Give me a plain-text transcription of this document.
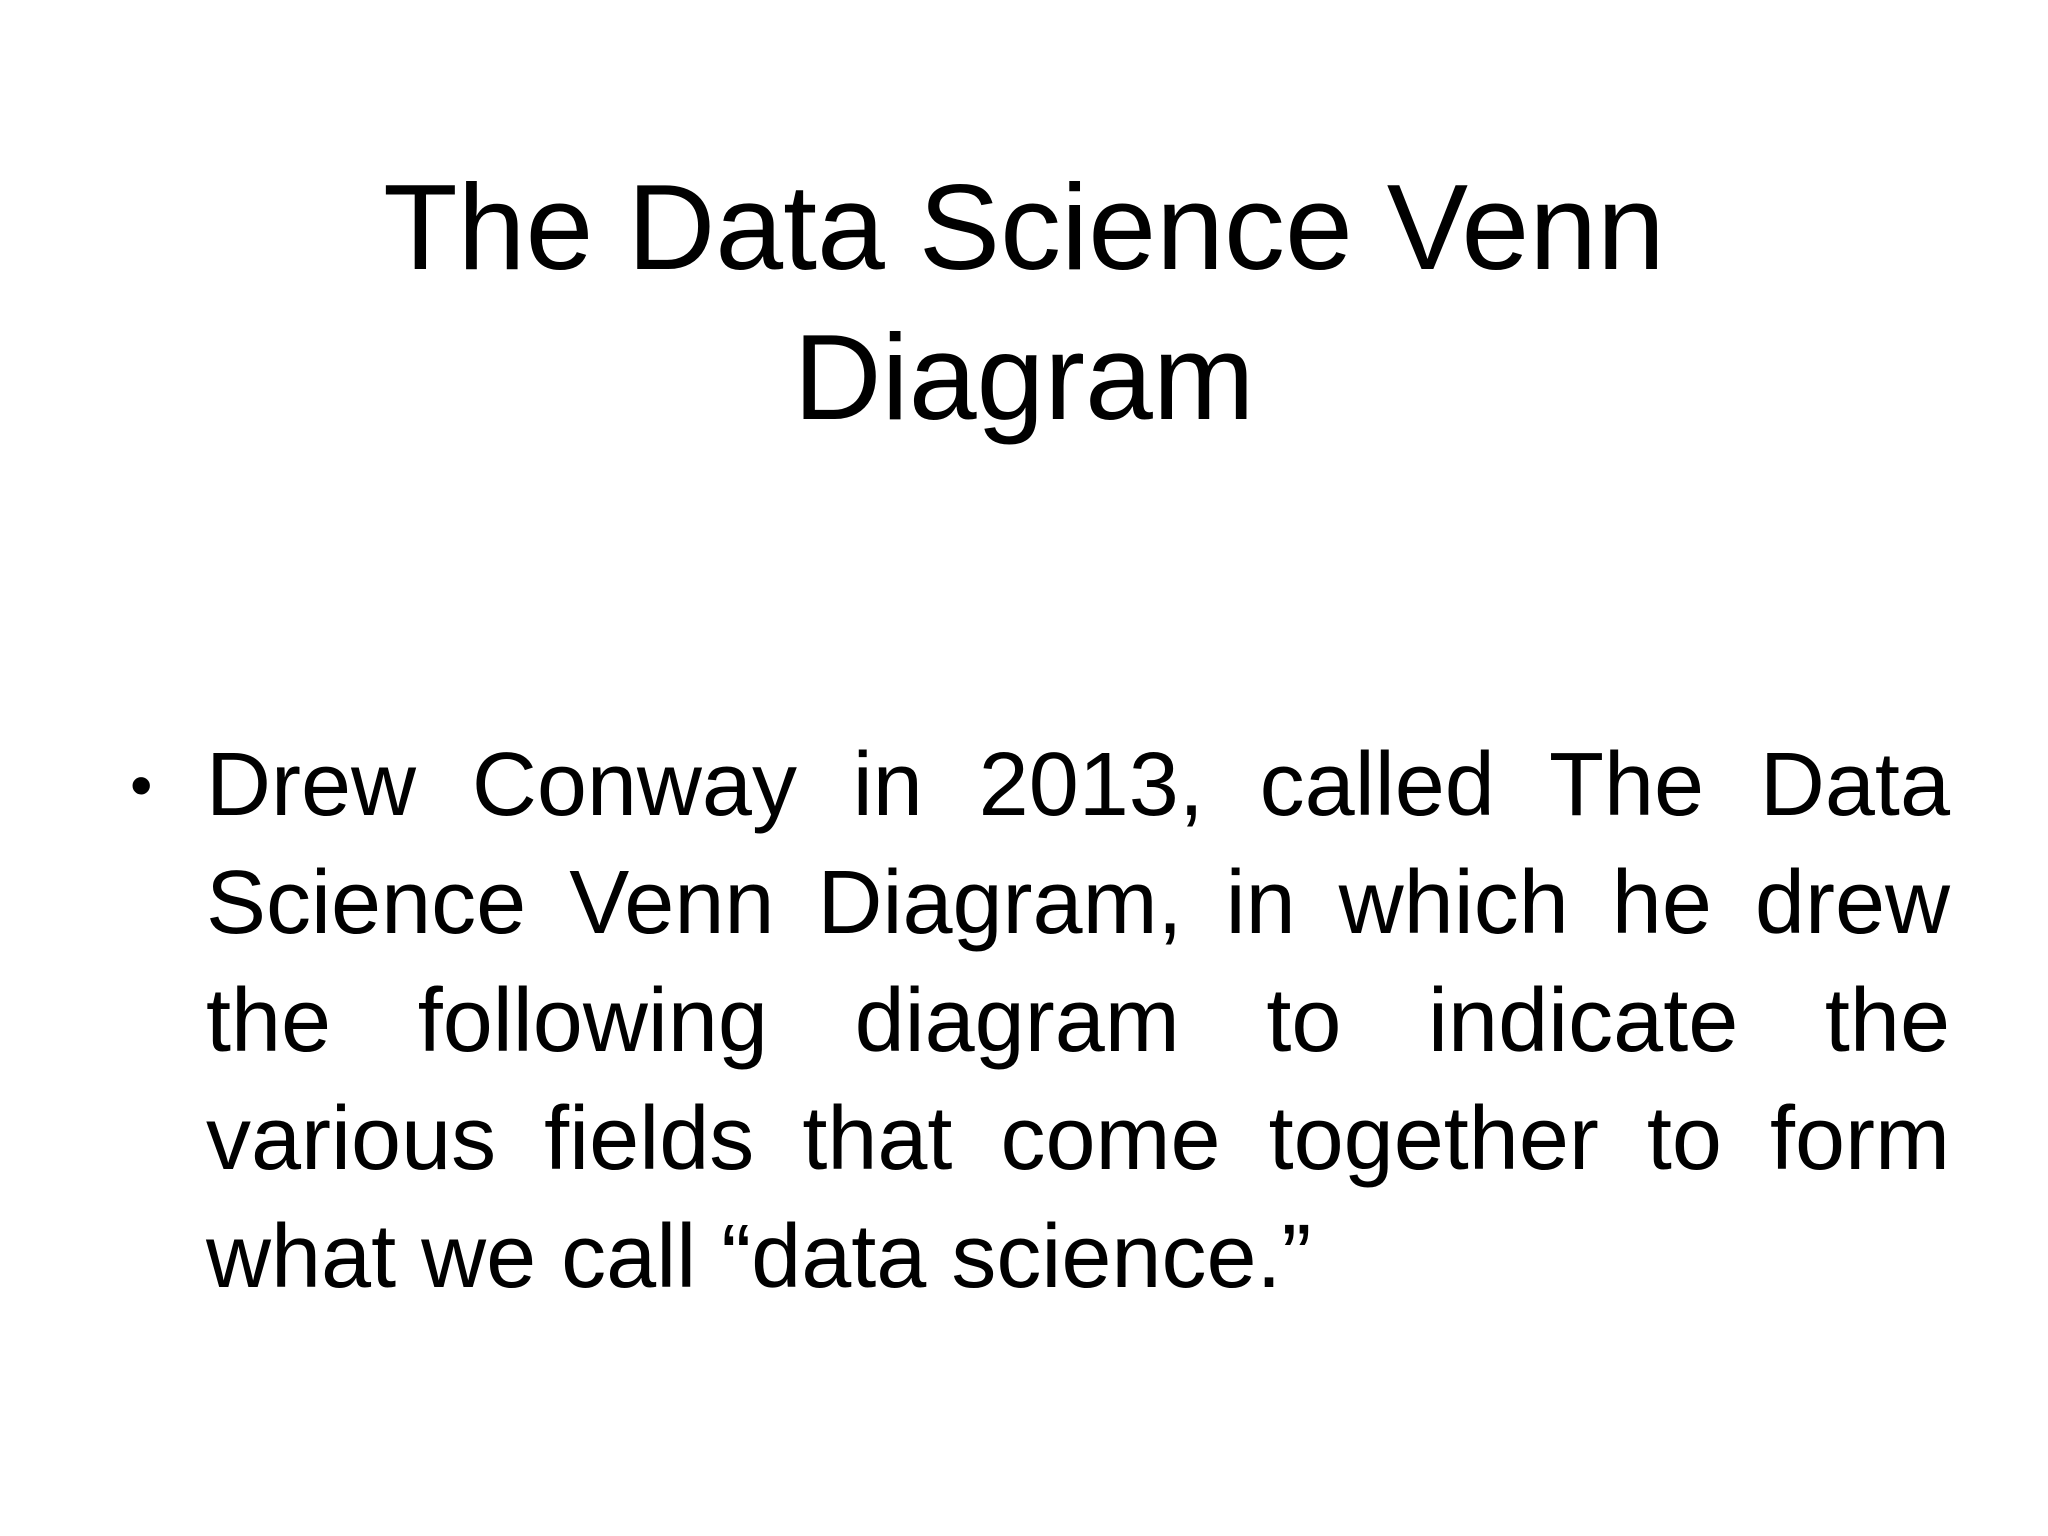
The Data Science Venn Diagram
• Drew Conway in 2013, called The Data Science Venn Diagram, in which he drew the following diagram to indicate the various fields that come together to form what we call “data science.”
